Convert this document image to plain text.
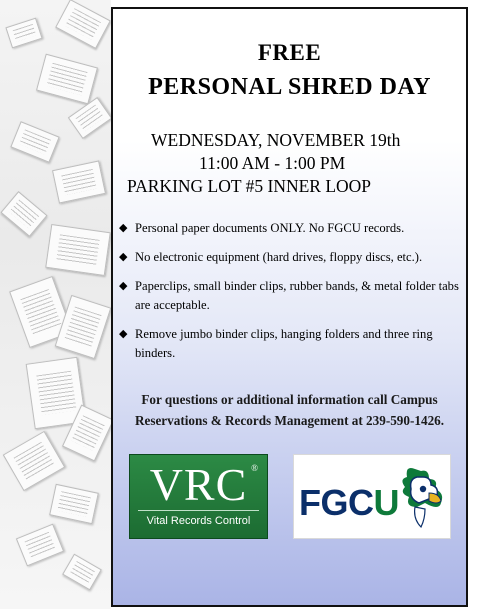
FREE
PERSONAL SHRED DAY
WEDNESDAY, NOVEMBER 19th
11:00 AM - 1:00 PM
PARKING LOT #5 INNER LOOP
◆ Personal paper documents ONLY. No FGCU records.
◆ No electronic equipment (hard drives, floppy discs, etc.).
◆ Paperclips, small binder clips, rubber bands, & metal folder tabs are acceptable.
◆ Remove jumbo binder clips, hanging folders and three ring binders.
For questions or additional information call Campus
Reservations & Records Management at 239-590-1426.
VRC ®
Vital Records Control	FGCU
